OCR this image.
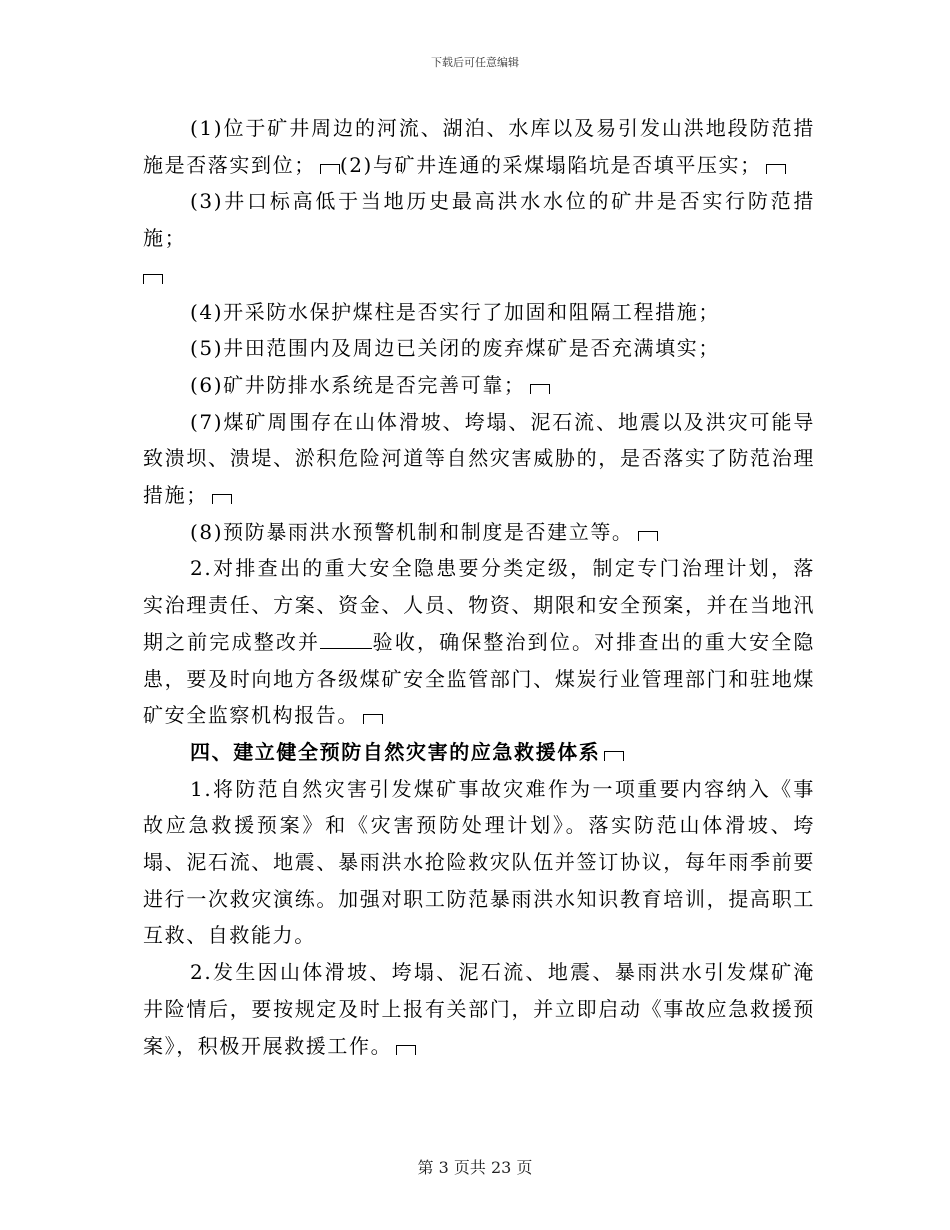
下载后可任意编辑

(1)位于矿井周边的河流、湖泊、水库以及易引发山洪地段防范措施是否落实到位； (2)与矿井连通的采煤塌陷坑是否填平压实；

(3)井口标高低于当地历史最高洪水水位的矿井是否实行防范措施；

(4)开采防水保护煤柱是否实行了加固和阻隔工程措施；

(5)井田范围内及周边已关闭的废弃煤矿是否充满填实；

(6)矿井防排水系统是否完善可靠；

(7)煤矿周围存在山体滑坡、垮塌、泥石流、地震以及洪灾可能导致溃坝、溃堤、淤积危险河道等自然灾害威胁的，是否落实了防范治理措施；

(8)预防暴雨洪水预警机制和制度是否建立等。

2.对排查出的重大安全隐患要分类定级，制定专门治理计划，落实治理责任、方案、资金、人员、物资、期限和安全预案，并在当地汛期之前完成整改并	验收，确保整治到位。对排查出的重大安全隐患，要及时向地方各级煤矿安全监管部门、煤炭行业管理部门和驻地煤矿安全监察机构报告。

四、建立健全预防自然灾害的应急救援体系

1.将防范自然灾害引发煤矿事故灾难作为一项重要内容纳入《事故应急救援预案》和《灾害预防处理计划》。落实防范山体滑坡、垮塌、泥石流、地震、暴雨洪水抢险救灾队伍并签订协议，每年雨季前要进行一次救灾演练。加强对职工防范暴雨洪水知识教育培训，提高职工互救、自救能力。

2.发生因山体滑坡、垮塌、泥石流、地震、暴雨洪水引发煤矿淹井险情后，要按规定及时上报有关部门，并立即启动《事故应急救援预案》，积极开展救援工作。

第 3 页共 23 页
